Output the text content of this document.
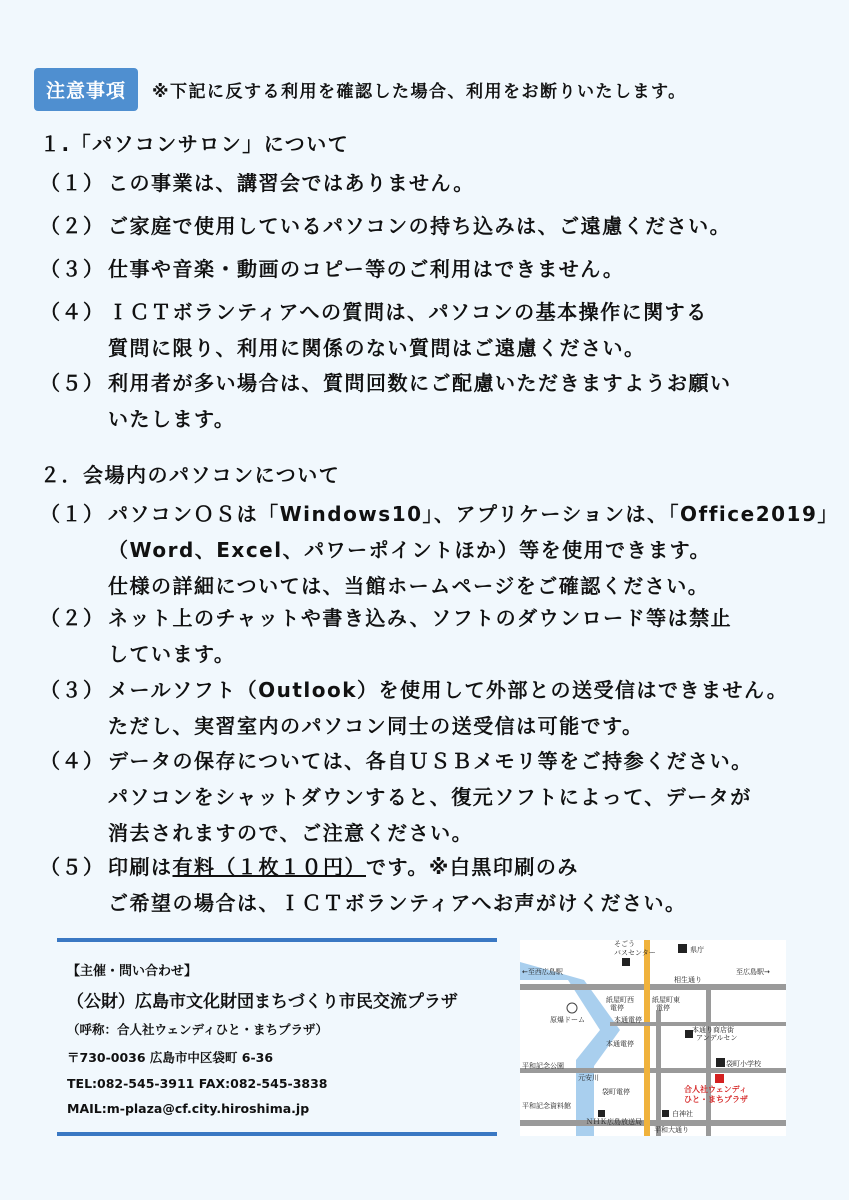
注意事項	※下記に反する利用を確認した場合、利用をお断りいたします。
１.「パソコンサロン」について
（１） この事業は、講習会ではありません。
（２） ご家庭で使用しているパソコンの持ち込みは、ご遠慮ください。
（３） 仕事や音楽・動画のコピー等のご利用はできません。
（４） ＩＣＴボランティアへの質問は、パソコンの基本操作に関する
質問に限り、利用に関係のない質問はご遠慮ください。
（５） 利用者が多い場合は、質問回数にご配慮いただきますようお願い
いたします。
２．会場内のパソコンについて
（１） パソコンＯＳは「Windows10」、アプリケーションは、「Office2019」
（Word、Excel、パワーポイントほか）等を使用できます。
仕様の詳細については、当館ホームページをご確認ください。
（２） ネット上のチャットや書き込み、ソフトのダウンロード等は禁止
しています。
（３） メールソフト（Outlook）を使用して外部との送受信はできません。
ただし、実習室内のパソコン同士の送受信は可能です。
（４） データの保存については、各自ＵＳＢメモリ等をご持参ください。
パソコンをシャットダウンすると、復元ソフトによって、データが
消去されますので、ご注意ください。
（５） 印刷は有料（１枚１０円）です。※白黒印刷のみ
ご希望の場合は、ＩＣＴボランティアへお声がけください。
【主催・問い合わせ】
（公財）広島市文化財団まちづくり市民交流プラザ
（呼称：合人社ウェンディひと・まちプラザ）
〒730-0036 広島市中区袋町 6-36
TEL:082-545-3911 FAX:082-545-3838
MAIL:m-plaza@cf.city.hiroshima.jp
そごう
バスセンター	県庁
←至西広島駅
相生通り
至広島駅→
紙屋町西
電停
紙屋町東
電停
原爆ドーム	本通電停
本通り商店街
アンデルセン
本通電停
袋町小学校
平和記念公園
元安川
袋町電停
平和記念資料館
ＮＨＫ広島放送局
白神社
平和大通り
合人社ウェンディ
ひと・まちプラザ
